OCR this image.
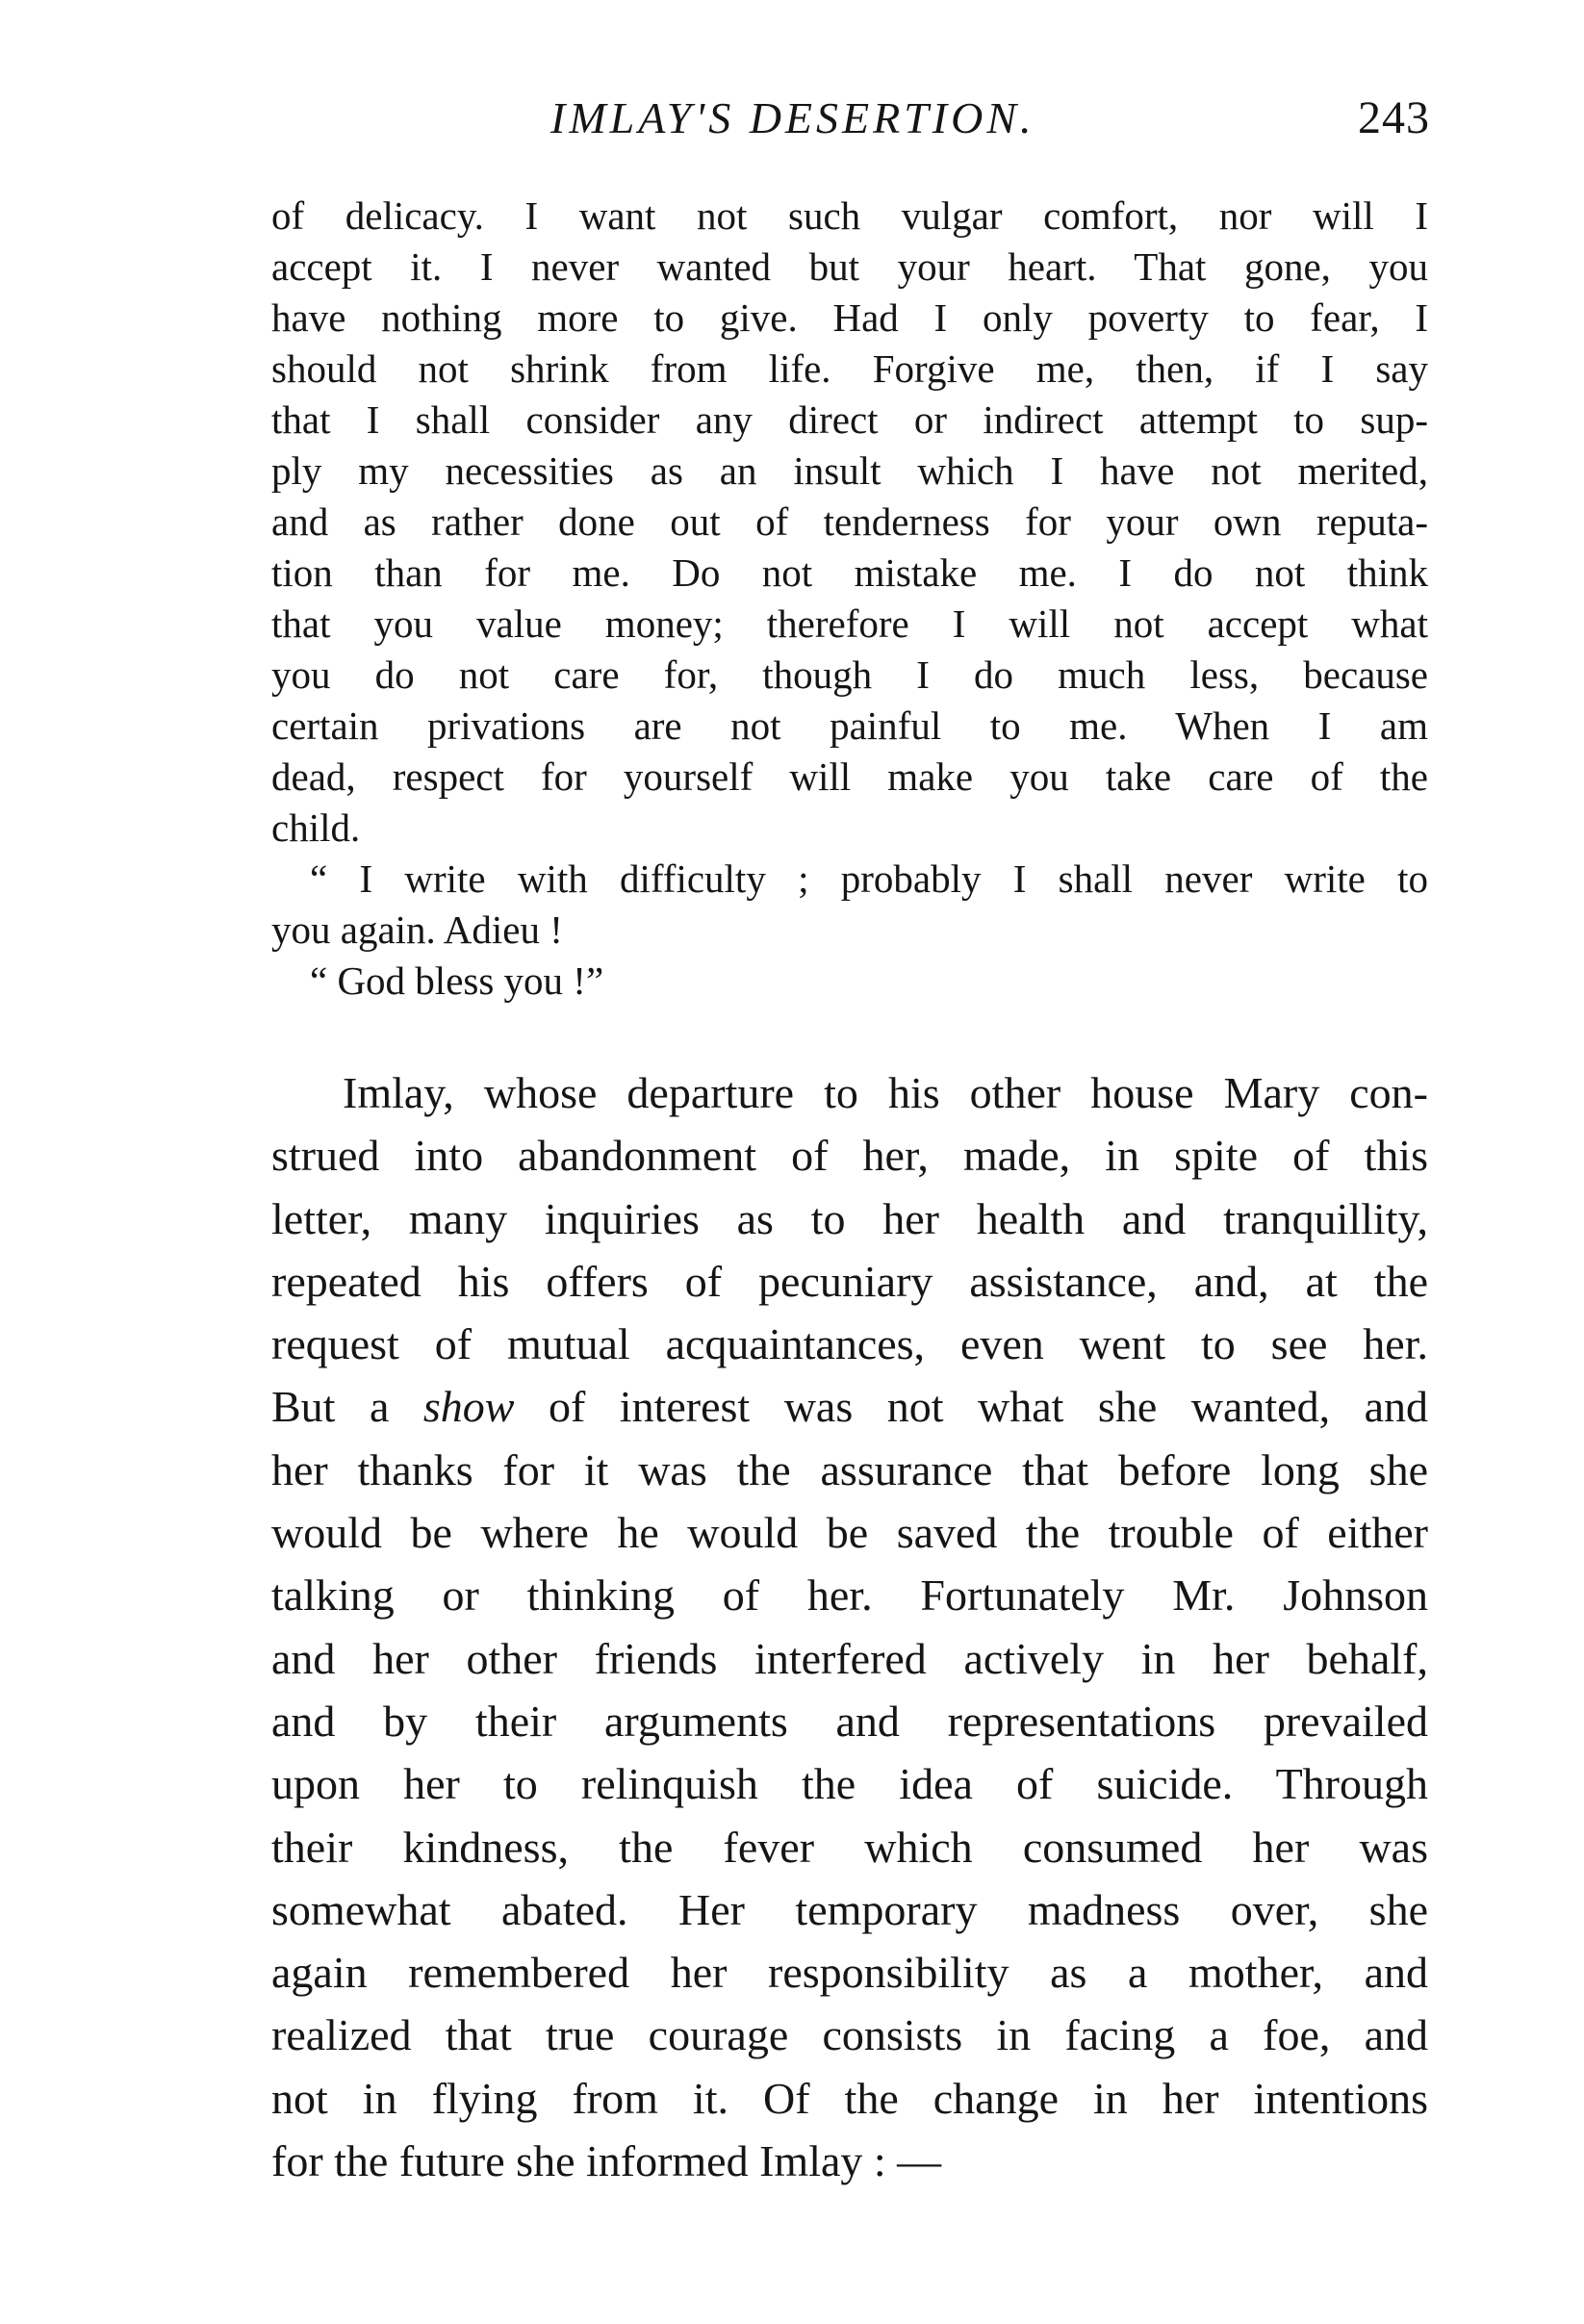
IMLAY'S DESERTION.	243
of delicacy. I want not such vulgar comfort, nor will I
accept it. I never wanted but your heart. That gone, you
have nothing more to give. Had I only poverty to fear, I
should not shrink from life. Forgive me, then, if I say
that I shall consider any direct or indirect attempt to sup-
ply my necessities as an insult which I have not merited,
and as rather done out of tenderness for your own reputa-
tion than for me. Do not mistake me. I do not think
that you value money; therefore I will not accept what
you do not care for, though I do much less, because
certain privations are not painful to me. When I am
dead, respect for yourself will make you take care of the
child.
“ I write with difficulty ; probably I shall never write to
you again. Adieu !
“ God bless you !”
Imlay, whose departure to his other house Mary con-
strued into abandonment of her, made, in spite of this
letter, many inquiries as to her health and tranquillity,
repeated his offers of pecuniary assistance, and, at the
request of mutual acquaintances, even went to see her.
But a show of interest was not what she wanted, and
her thanks for it was the assurance that before long she
would be where he would be saved the trouble of either
talking or thinking of her. Fortunately Mr. Johnson
and her other friends interfered actively in her behalf,
and by their arguments and representations prevailed
upon her to relinquish the idea of suicide. Through
their kindness, the fever which consumed her was
somewhat abated. Her temporary madness over, she
again remembered her responsibility as a mother, and
realized that true courage consists in facing a foe, and
not in flying from it. Of the change in her intentions
for the future she informed Imlay : —
